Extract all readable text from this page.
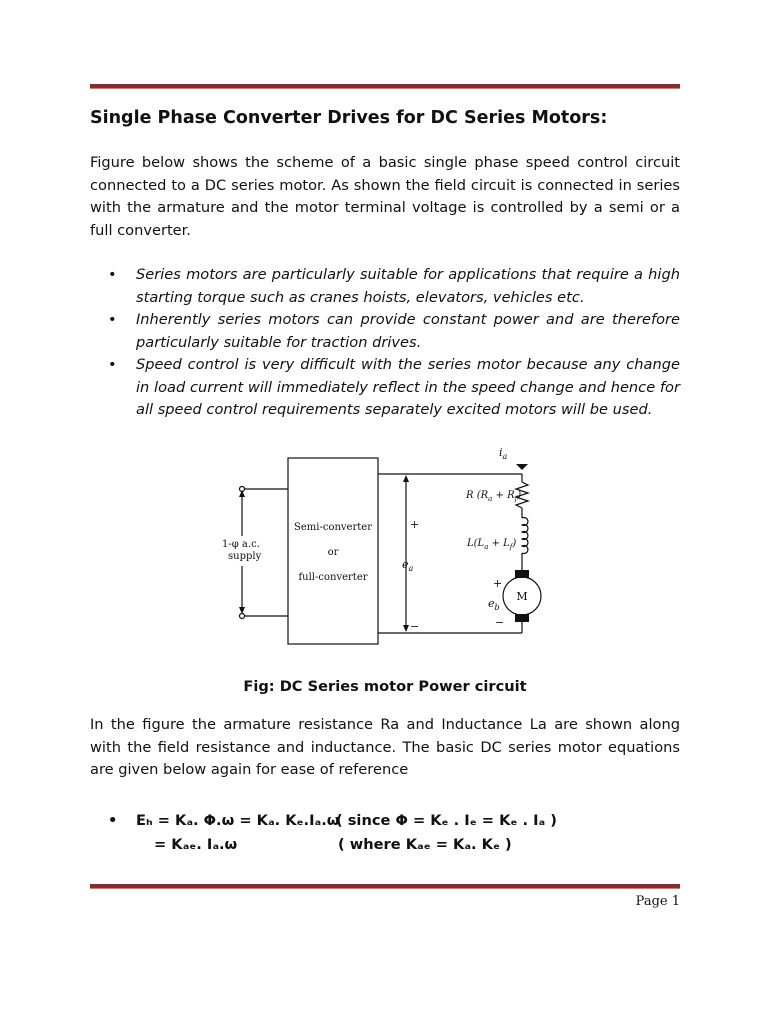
Single Phase Converter Drives for DC Series Motors:

Figure below shows the scheme of a basic single phase speed control circuit connected to a DC series motor. As shown the field circuit is connected in series with the armature and the motor terminal voltage is controlled by a semi or a full converter.

• Series motors are particularly suitable for applications that require a high starting torque such as cranes hoists, elevators, vehicles etc.
• Inherently series motors can provide constant power and are therefore particularly suitable for traction drives.
• Speed control is very difficult with the series motor because any change in load current will immediately reflect in the speed change and hence for all speed control requirements separately excited motors will be used.
1-φ a.c.
supply
Semi-converter
or
full-converter
$i_a$
R $(R_a + R_f)$
$L(L_a + L_f)$
+
$e_a$
−
+
$e_b$
−
M
Fig: DC Series motor Power circuit

In the figure the armature resistance Ra and Inductance La are shown along with the field resistance and inductance. The basic DC series motor equations are given below again for ease of reference

• Eₕ = Kₐ. Φ.ω = Kₐ. Kₑ.Iₐ.ω
( since Φ = Kₑ . Iₑ = Kₑ . Iₐ )
= Kₐₑ. Iₐ.ω	( where Kₐₑ = Kₐ. Kₑ )
Page 1
